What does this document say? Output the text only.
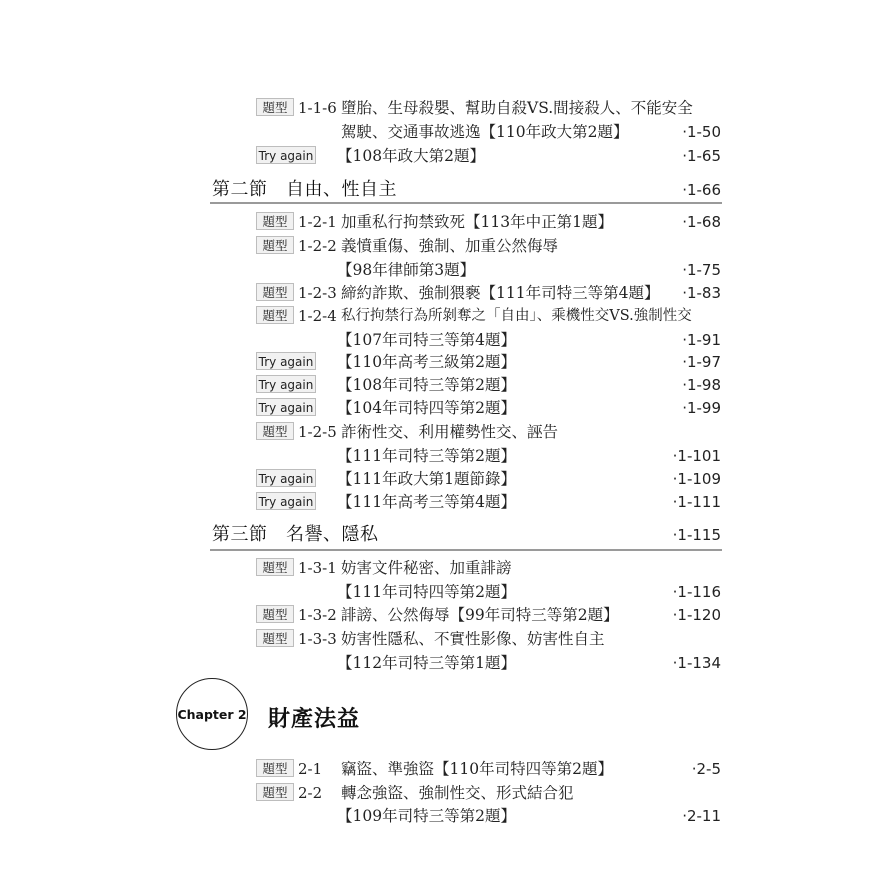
題型 1-1-6 墮胎、生母殺嬰、幫助自殺VS.間接殺人、不能安全
駕駛、交通事故逃逸【110年政大第2題】	‧1-50
Try again 【108年政大第2題】	‧1-65
第二節　自由、性自主	‧1-66
題型 1-2-1 加重私行拘禁致死【113年中正第1題】	‧1-68
題型 1-2-2 義憤重傷、強制、加重公然侮辱
【98年律師第3題】	‧1-75
題型 1-2-3 締約詐欺、強制猥褻【111年司特三等第4題】 ‧1-83
題型 1-2-4 私行拘禁行為所剝奪之「自由」、乘機性交VS.強制性交
【107年司特三等第4題】	‧1-91
Try again 【110年高考三級第2題】	‧1-97
Try again 【108年司特三等第2題】	‧1-98
Try again 【104年司特四等第2題】	‧1-99
題型 1-2-5 詐術性交、利用權勢性交、誣告
【111年司特三等第2題】	‧1-101
Try again 【111年政大第1題節錄】	‧1-109
Try again 【111年高考三等第4題】	‧1-111
第三節　名譽、隱私	‧1-115
題型 1-3-1 妨害文件秘密、加重誹謗
【111年司特四等第2題】	‧1-116
題型 1-3-2 誹謗、公然侮辱【99年司特三等第2題】	‧1-120
題型 1-3-3 妨害性隱私、不實性影像、妨害性自主
【112年司特三等第1題】	‧1-134
Chapter 2 財產法益
題型 2-1 竊盜、準強盜【110年司特四等第2題】	‧2-5
題型 2-2 轉念強盜、強制性交、形式結合犯
【109年司特三等第2題】	‧2-11
